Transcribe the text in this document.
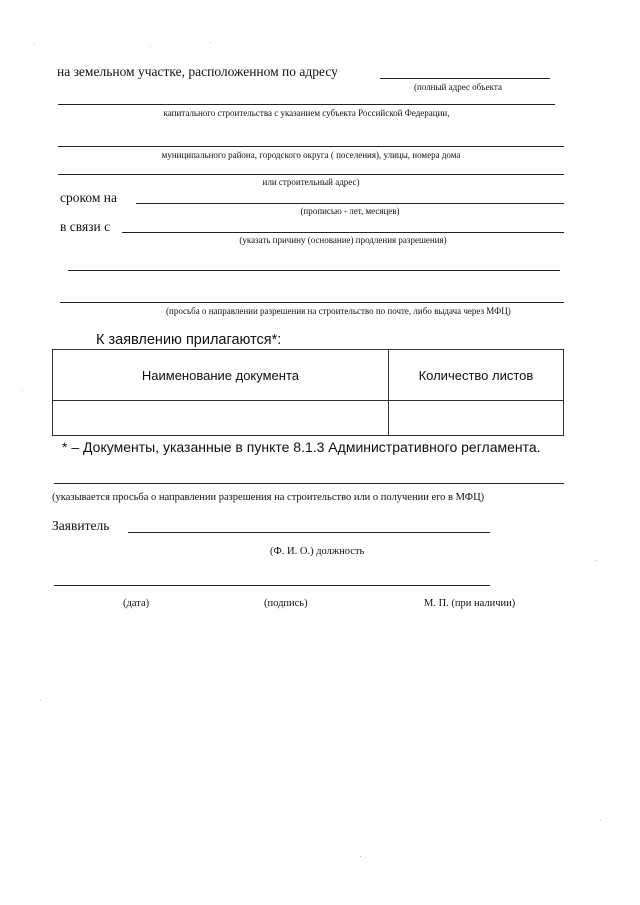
на земельном участке, расположенном по адресу
(полный адрес объекта
капитального строительства с указанием субъекта Российской Федерации,
муниципального района, городского округа ( поселения), улицы, номера дома
или строительный адрес)
сроком на
(прописью - лет, месяцев)
в связи с
(указать причину (основание) продления разрешения)
(просьба о направлении разрешения на строительство по почте, либо выдача через МФЦ)
К заявлению прилагаются*:
Наименование документа	Количество листов

* – Документы, указанные в пункте 8.1.3 Административного регламента.
(указывается просьба о направлении разрешения на строительство или о получении его в МФЦ)
Заявитель
(Ф. И. О.) должность
(дата)	(подпись)	М. П. (при наличии)
